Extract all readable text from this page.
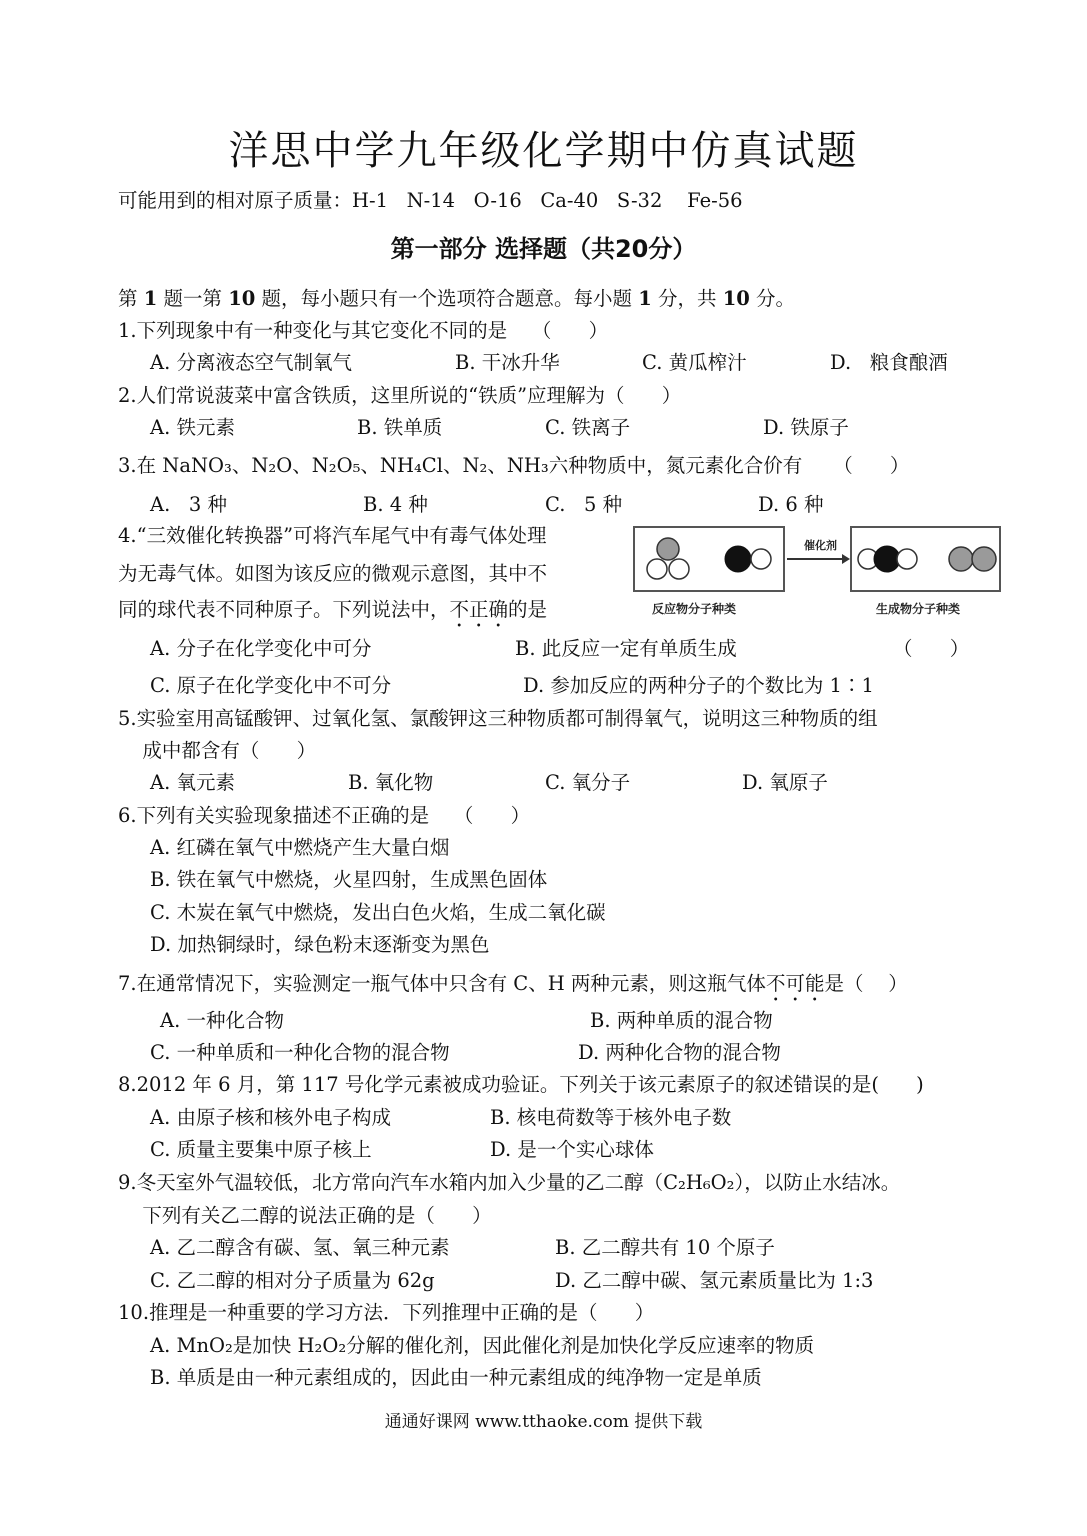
洋思中学九年级化学期中仿真试题
可能用到的相对原子质量：H-1   N-14   O-16   Ca-40   S-32    Fe-56
第一部分 选择题（共20分）
第 1 题一第 10 题，每小题只有一个选项符合题意。每小题 1 分，共 10 分。
1.下列现象中有一种变化与其它变化不同的是    （      ）
A. 分离液态空气制氧气	B. 干冰升华	C. 黄瓜榨汁	D.   粮食酿酒
2.人们常说菠菜中富含铁质，这里所说的“铁质”应理解为（      ）
A. 铁元素	B. 铁单质	C. 铁离子	D. 铁原子
3.在 NaNO₃、N₂O、N₂O₅、NH₄Cl、N₂、NH₃六种物质中，氮元素化合价有     （      ）
A.   3 种	B. 4 种	C.   5 种	D. 6 种
4.“三效催化转换器”可将汽车尾气中有毒气体处理
为无毒气体。如图为该反应的微观示意图，其中不
同的球代表不同种原子。下列说法中，不正确的是
催化剂
反应物分子种类	生成物分子种类
A. 分子在化学变化中可分	B. 此反应一定有单质生成	（      ）
C. 原子在化学变化中不可分	D. 参加反应的两种分子的个数比为 1∶1
5.实验室用高锰酸钾、过氧化氢、氯酸钾这三种物质都可制得氧气，说明这三种物质的组
成中都含有（      ）
A. 氧元素	B. 氧化物	C. 氧分子	D. 氧原子
6.下列有关实验现象描述不正确的是    （      ）
A. 红磷在氧气中燃烧产生大量白烟
B. 铁在氧气中燃烧，火星四射，生成黑色固体
C. 木炭在氧气中燃烧，发出白色火焰，生成二氧化碳
D. 加热铜绿时，绿色粉末逐渐变为黑色
7.在通常情况下，实验测定一瓶气体中只含有 C、H 两种元素，则这瓶气体不可能是（    ）
A. 一种化合物	B. 两种单质的混合物
C. 一种单质和一种化合物的混合物	D. 两种化合物的混合物
8.2012 年 6 月，第 117 号化学元素被成功验证。下列关于该元素原子的叙述错误的是(      )
A. 由原子核和核外电子构成	B. 核电荷数等于核外电子数
C. 质量主要集中原子核上	D. 是一个实心球体
9.冬天室外气温较低，北方常向汽车水箱内加入少量的乙二醇（C₂H₆O₂），以防止水结冰。
下列有关乙二醇的说法正确的是（      ）
A. 乙二醇含有碳、氢、氧三种元素	B. 乙二醇共有 10 个原子
C. 乙二醇的相对分子质量为 62g	D. 乙二醇中碳、氢元素质量比为 1:3
10.推理是一种重要的学习方法．下列推理中正确的是（      ）
A. MnO₂是加快 H₂O₂分解的催化剂，因此催化剂是加快化学反应速率的物质
B. 单质是由一种元素组成的，因此由一种元素组成的纯净物一定是单质
通通好课网 www.tthaoke.com 提供下载
